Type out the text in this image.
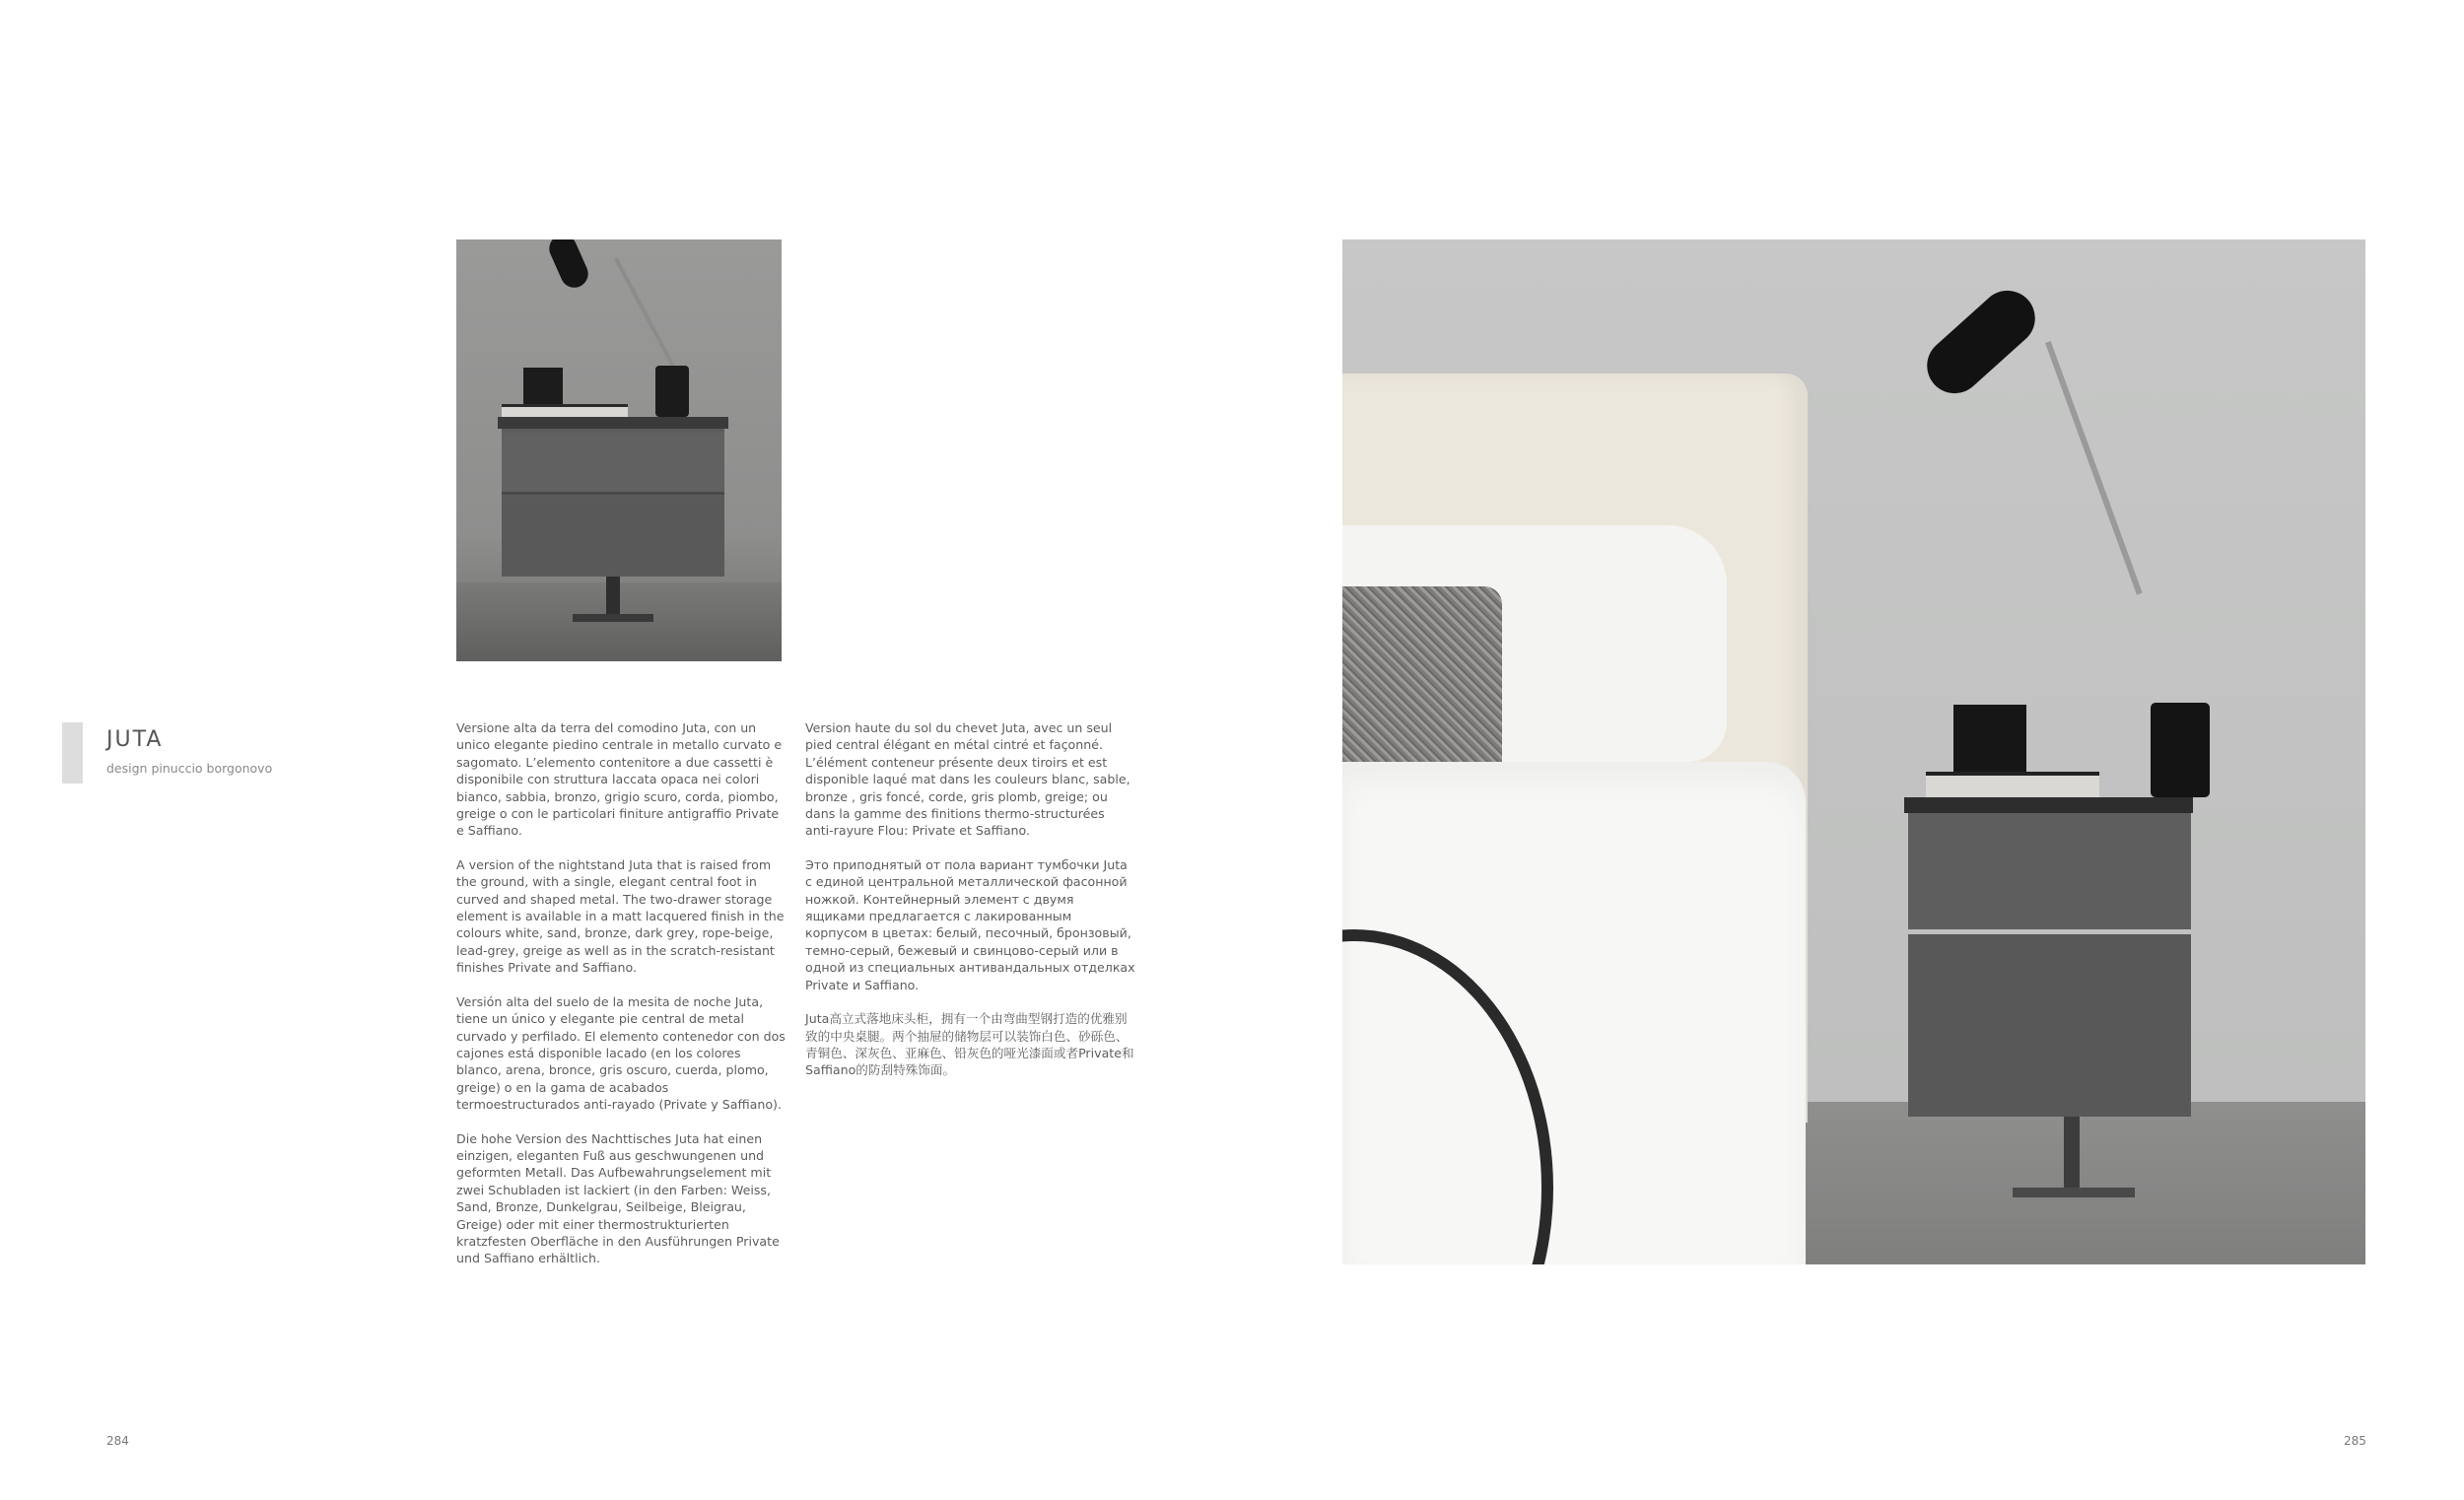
JUTA
design pinuccio borgonovo

Versione alta da terra del comodino Juta, con un unico elegante piedino centrale in metallo curvato e sagomato. L’elemento contenitore a due cassetti è disponibile con struttura laccata opaca nei colori bianco, sabbia, bronzo, grigio scuro, corda, piombo, greige o con le particolari finiture antigraffio Private e Saffiano.

A version of the nightstand Juta that is raised from the ground, with a single, elegant central foot in curved and shaped metal. The two-drawer storage element is available in a matt lacquered finish in the colours white, sand, bronze, dark grey, rope-beige, lead-grey, greige as well as in the scratch-resistant finishes Private and Saffiano.

Versión alta del suelo de la mesita de noche Juta, tiene un único y elegante pie central de metal curvado y perfilado. El elemento contenedor con dos cajones está disponible lacado (en los colores blanco, arena, bronce, gris oscuro, cuerda, plomo, greige) o en la gama de acabados termoestructurados anti-rayado (Private y Saffiano).

Die hohe Version des Nachttisches Juta hat einen einzigen, eleganten Fuß aus geschwungenen und geformten Metall. Das Aufbewahrungselement mit zwei Schubladen ist lackiert (in den Farben: Weiss, Sand, Bronze, Dunkelgrau, Seilbeige, Bleigrau, Greige) oder mit einer thermostrukturierten kratzfesten Oberfläche in den Ausführungen Private und Saffiano erhältlich.

Version haute du sol du chevet Juta, avec un seul pied central élégant en métal cintré et façonné. L’élément conteneur présente deux tiroirs et est disponible laqué mat dans les couleurs blanc, sable, bronze , gris foncé, corde, gris plomb, greige; ou dans la gamme des finitions thermo-structurées anti-rayure Flou: Private et Saffiano.

Это приподнятый от пола вариант тумбочки Juta с единой центральной металлической фасонной ножкой. Контейнерный элемент с двумя ящиками предлагается с лакированным корпусом в цветах: белый, песочный, бронзовый, темно-серый, бежевый и свинцово-серый или в одной из специальных антивандальных отделках Private и Saffiano.

Juta高立式落地床头柜，拥有一个由弯曲型钢打造的优雅别致的中央桌腿。两个抽屉的储物层可以装饰白色、砂砾色、青铜色、深灰色、亚麻色、铅灰色的哑光漆面或者Private和Saffiano的防刮特殊饰面。

284	285
